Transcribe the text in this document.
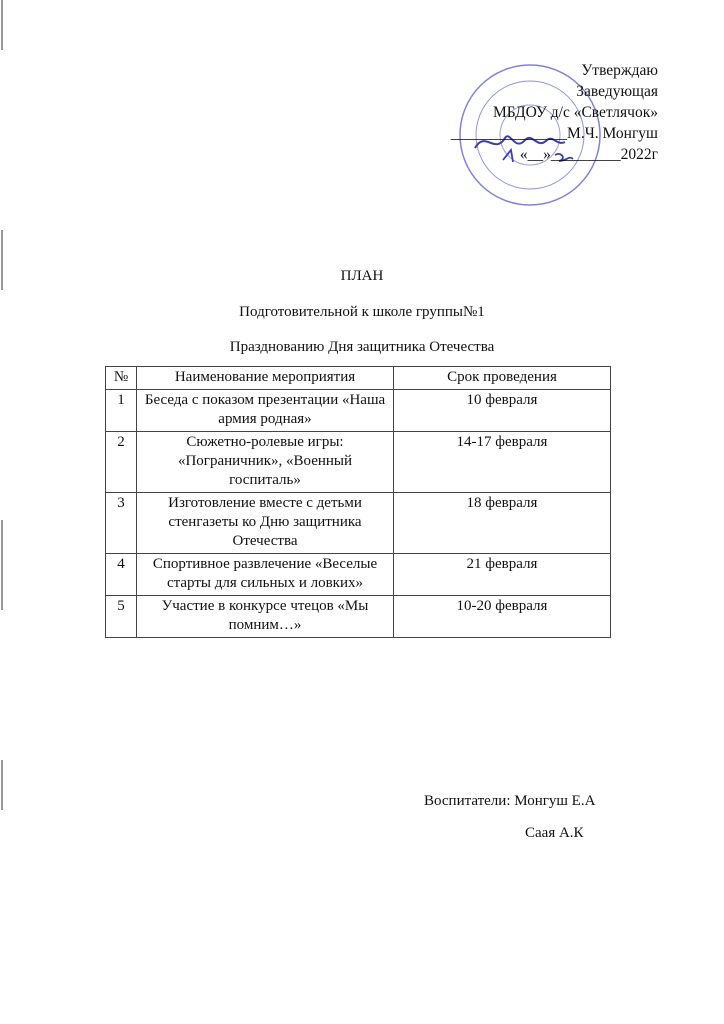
Утверждаю
Заведующая
МБДОУ д/с «Светлячок»
_______________М.Ч. Монгуш
«__»_________2022г
ПЛАН
Подготовительной к школе группы№1
Празднованию Дня защитника Отечества
№	Наименование мероприятия	Срок проведения
1	Беседа с показом презентации «Наша армия родная»	10 февраля
2	Сюжетно-ролевые игры: «Пограничник», «Военный госпиталь»	14-17 февраля
3	Изготовление вместе с детьми стенгазеты ко Дню защитника Отечества	18 февраля
4	Спортивное развлечение «Веселые старты для сильных и ловких»	21 февраля
5	Участие в конкурсе чтецов «Мы помним…»	10-20 февраля
Воспитатели: Монгуш Е.А
Саая А.К
